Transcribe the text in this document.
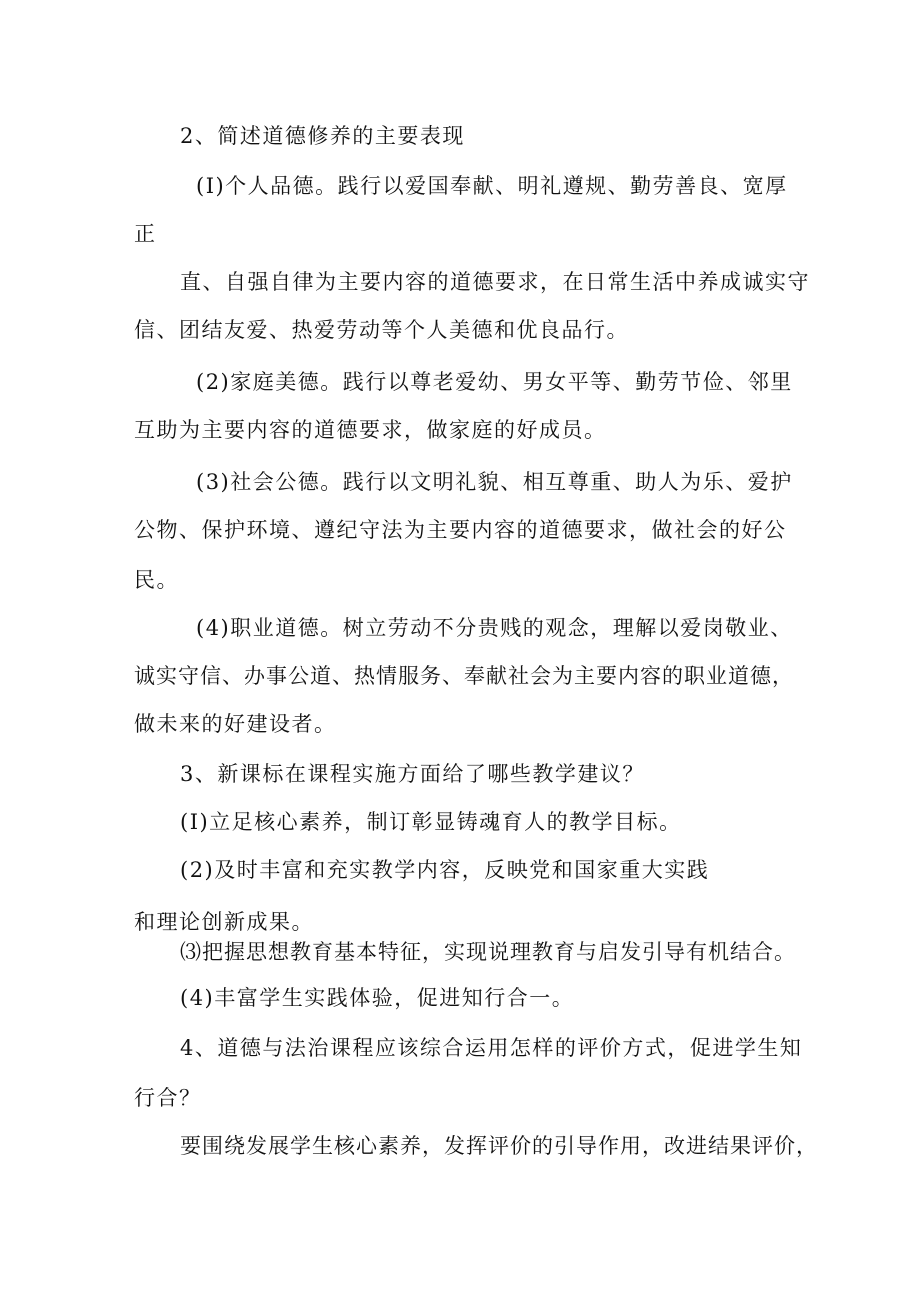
2、简述道德修养的主要表现

(I)个人品德。践行以爱国奉献、明礼遵规、勤劳善良、宽厚

正

直、自强自律为主要内容的道德要求，在日常生活中养成诚实守

信、团结友爱、热爱劳动等个人美德和优良品行。

(2)家庭美德。践行以尊老爱幼、男女平等、勤劳节俭、邻里

互助为主要内容的道德要求，做家庭的好成员。

(3)社会公德。践行以文明礼貌、相互尊重、助人为乐、爱护

公物、保护环境、遵纪守法为主要内容的道德要求，做社会的好公

民。

(4)职业道德。树立劳动不分贵贱的观念，理解以爱岗敬业、

诚实守信、办事公道、热情服务、奉献社会为主要内容的职业道德，

做未来的好建设者。

3、新课标在课程实施方面给了哪些教学建议？

(I)立足核心素养，制订彰显铸魂育人的教学目标。

(2)及时丰富和充实教学内容，反映党和国家重大实践

和理论创新成果。

⑶把握思想教育基本特征，实现说理教育与启发引导有机结合。

(4)丰富学生实践体验，促进知行合一。

4、道德与法治课程应该综合运用怎样的评价方式，促进学生知

行合？

要围绕发展学生核心素养，发挥评价的引导作用，改进结果评价，
